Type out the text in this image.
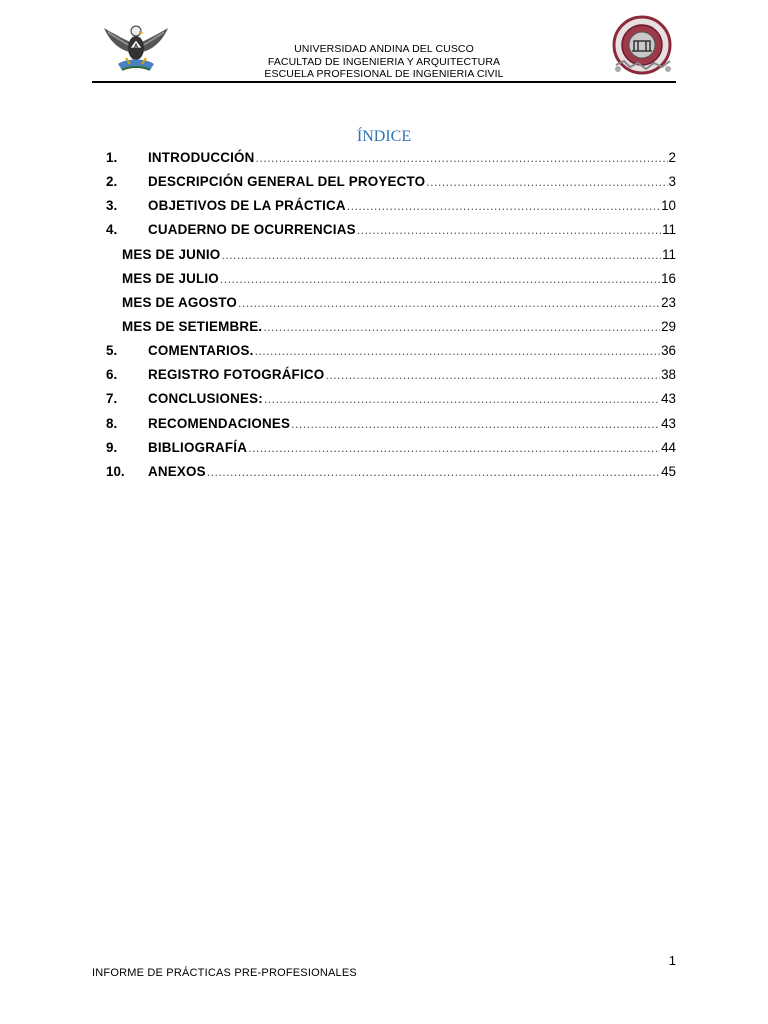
A	UNIVERSIDAD ANDINA DEL CUSCO
FACULTAD DE INGENIERIA Y ARQUITECTURA
ESCUELA PROFESIONAL DE INGENIERIA CIVIL
ÍNDICE
1.	INTRODUCCIÓN .....	2
2.	DESCRIPCIÓN GENERAL DEL PROYECTO .....	3
3.	OBJETIVOS DE LA PRÁCTICA .....	10
4.	CUADERNO DE OCURRENCIAS .....	11
MES DE JUNIO .....	11
MES DE JULIO .....	16
MES DE AGOSTO .....	23
MES DE SETIEMBRE. .....	29
5.	COMENTARIOS. .....	36
6.	REGISTRO FOTOGRÁFICO .....	38
7.	CONCLUSIONES: .....	43
8.	RECOMENDACIONES .....	43
9.	BIBLIOGRAFÍA .....	44
10.	ANEXOS .....	45
1
INFORME DE PRÁCTICAS PRE-PROFESIONALES
